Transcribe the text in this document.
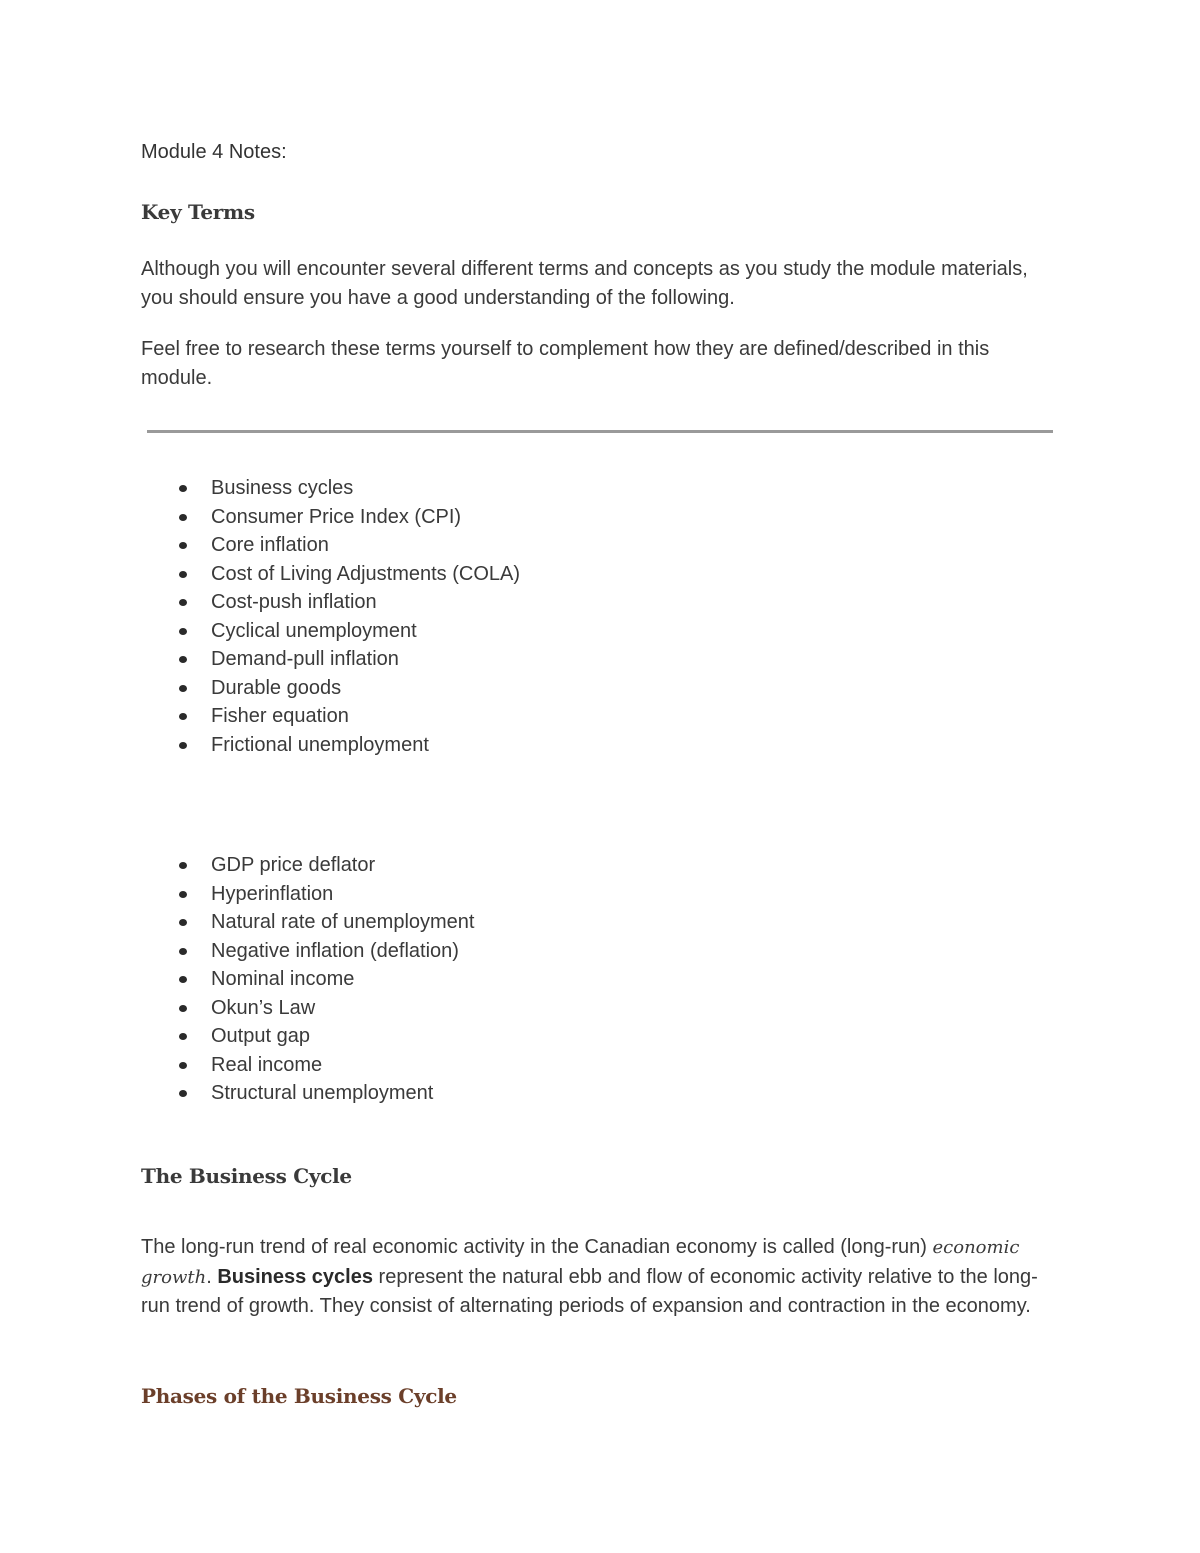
Module 4 Notes:
Key Terms
Although you will encounter several different terms and concepts as you study the module materials, you should ensure you have a good understanding of the following.
Feel free to research these terms yourself to complement how they are defined/described in this module.
Business cycles
Consumer Price Index (CPI)
Core inflation
Cost of Living Adjustments (COLA)
Cost-push inflation
Cyclical unemployment
Demand-pull inflation
Durable goods
Fisher equation
Frictional unemployment
GDP price deflator
Hyperinflation
Natural rate of unemployment
Negative inflation (deflation)
Nominal income
Okun’s Law
Output gap
Real income
Structural unemployment
The Business Cycle
The long-run trend of real economic activity in the Canadian economy is called (long-run) economic growth. Business cycles represent the natural ebb and flow of economic activity relative to the long-run trend of growth. They consist of alternating periods of expansion and contraction in the economy.
Phases of the Business Cycle
